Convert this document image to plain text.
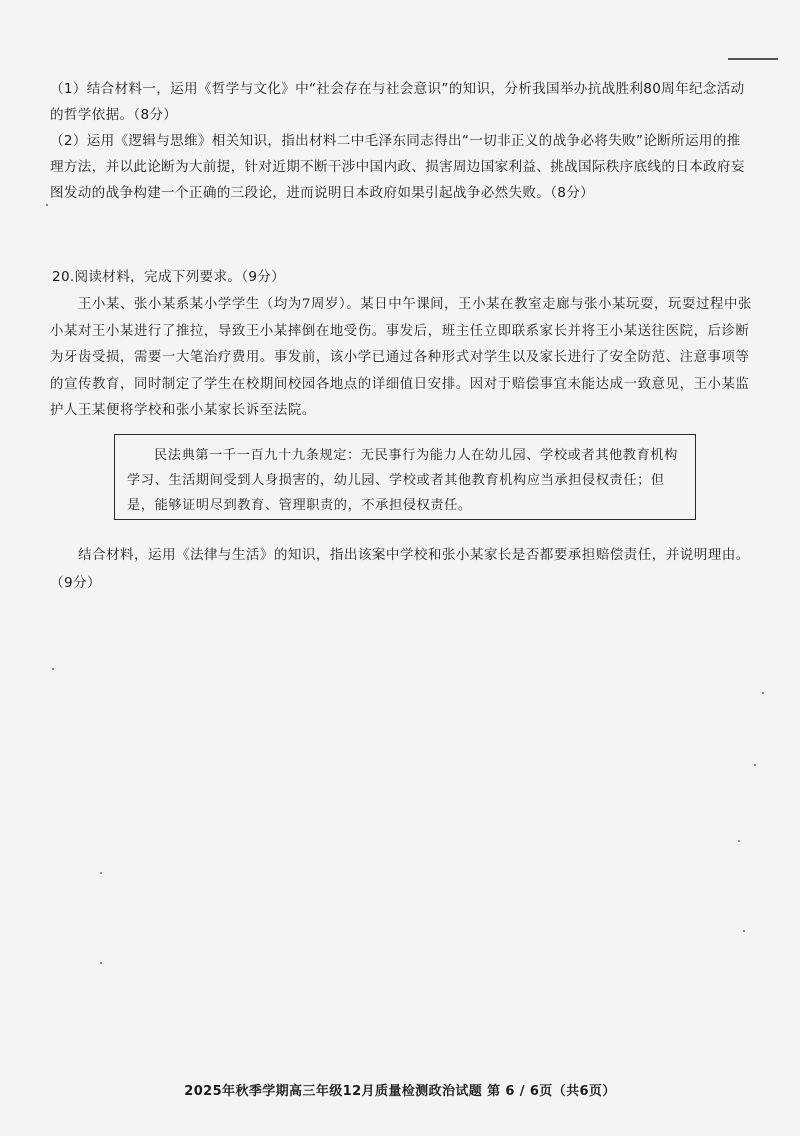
（1）结合材料一，运用《哲学与文化》中“社会存在与社会意识”的知识，分析我国举办抗战胜利80周年纪念活动的哲学依据。（8分）
（2）运用《逻辑与思维》相关知识，指出材料二中毛泽东同志得出“一切非正义的战争必将失败”论断所运用的推理方法，并以此论断为大前提，针对近期不断干涉中国内政、损害周边国家利益、挑战国际秩序底线的日本政府妄图发动的战争构建一个正确的三段论，进而说明日本政府如果引起战争必然失败。（8分）
20.阅读材料，完成下列要求。（9分）
王小某、张小某系某小学学生（均为7周岁）。某日中午课间，王小某在教室走廊与张小某玩耍，玩耍过程中张小某对王小某进行了推拉，导致王小某摔倒在地受伤。事发后，班主任立即联系家长并将王小某送往医院，后诊断为牙齿受损，需要一大笔治疗费用。事发前，该小学已通过各种形式对学生以及家长进行了安全防范、注意事项等的宣传教育，同时制定了学生在校期间校园各地点的详细值日安排。因对于赔偿事宜未能达成一致意见，王小某监护人王某便将学校和张小某家长诉至法院。
民法典第一千一百九十九条规定：无民事行为能力人在幼儿园、学校或者其他教育机构学习、生活期间受到人身损害的，幼儿园、学校或者其他教育机构应当承担侵权责任；但是，能够证明尽到教育、管理职责的，不承担侵权责任。
结合材料，运用《法律与生活》的知识，指出该案中学校和张小某家长是否都要承担赔偿责任，并说明理由。（9分）
2025年秋季学期高三年级12月质量检测政治试题 第 6 / 6页（共6页）
